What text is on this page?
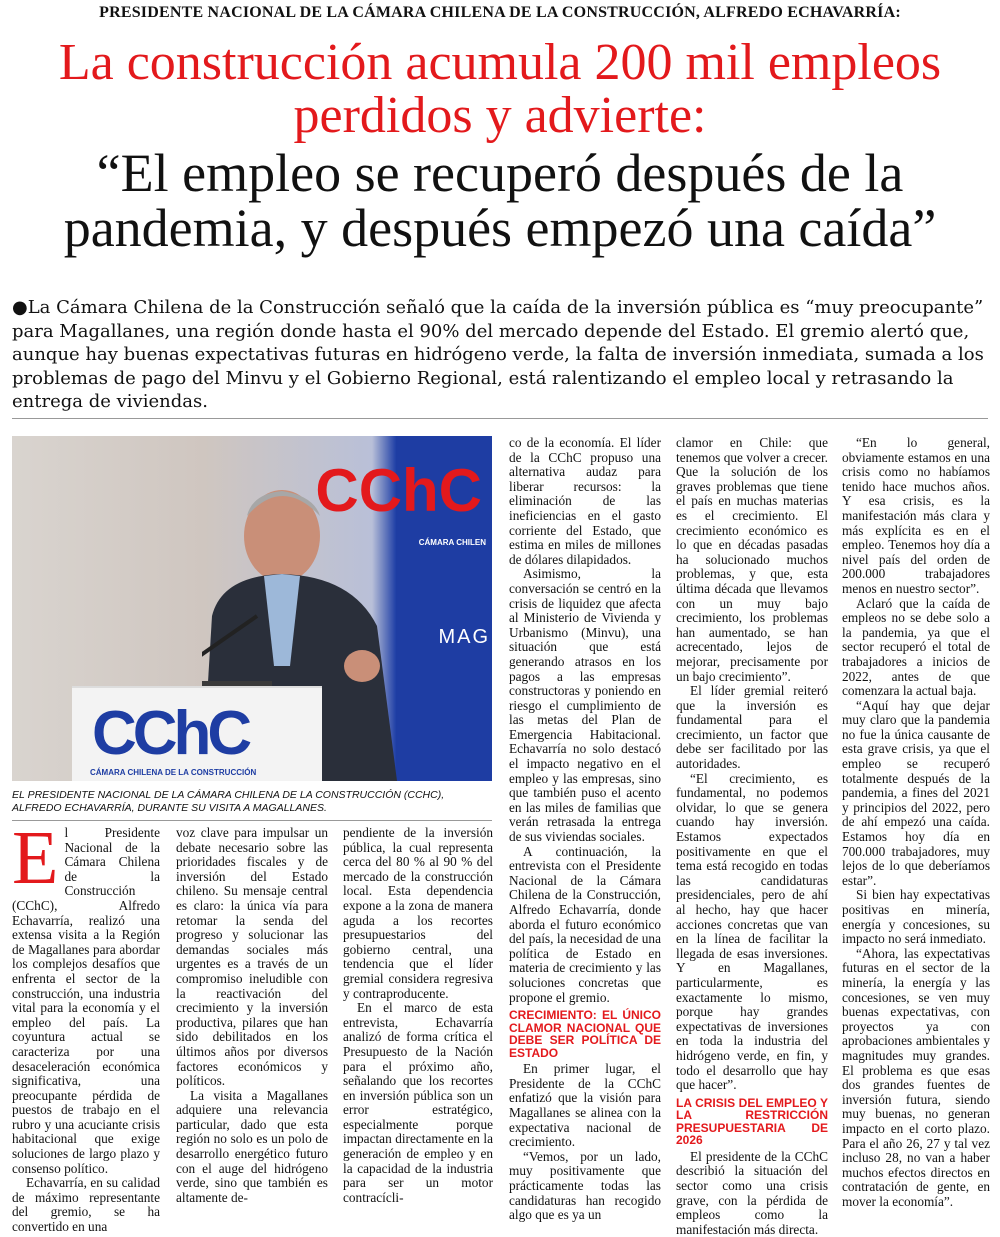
PRESIDENTE NACIONAL DE LA CÁMARA CHILENA DE LA CONSTRUCCIÓN, ALFREDO ECHAVARRÍA:
La construcción acumula 200 mil empleos perdidos y advierte:
“El empleo se recuperó después de la pandemia, y después empezó una caída”
●La Cámara Chilena de la Construcción señaló que la caída de la inversión pública es “muy preocupante” para Magallanes, una región donde hasta el 90% del mercado depende del Estado. El gremio alertó que, aunque hay buenas expectativas futuras en hidrógeno verde, la falta de inversión inmediata, sumada a los problemas de pago del Minvu y el Gobierno Regional, está ralentizando el empleo local y retrasando la entrega de viviendas.
CChC
CÁMARA CHILEN
MAG
CChC
CÁMARA CHILENA DE LA CONSTRUCCIÓN
EL PRESIDENTE NACIONAL DE LA CÁMARA CHILENA DE LA CONSTRUCCIÓN (CCHC), ALFREDO ECHAVARRÍA, DURANTE SU VISITA A MAGALLANES.

El Presidente Nacional de la Cámara Chilena de la Construcción (CChC), Alfredo Echavarría, realizó una extensa visita a la Región de Magallanes para abordar los complejos desafíos que enfrenta el sector de la construcción, una industria vital para la economía y el empleo del país. La coyuntura actual se caracteriza por una desaceleración económica significativa, una preocupante pérdida de puestos de trabajo en el rubro y una acuciante crisis habitacional que exige soluciones de largo plazo y consenso político.

Echavarría, en su calidad de máximo representante del gremio, se ha convertido en una

voz clave para impulsar un debate necesario sobre las prioridades fiscales y de inversión del Estado chileno. Su mensaje central es claro: la única vía para retomar la senda del progreso y solucionar las demandas sociales más urgentes es a través de un compromiso ineludible con la reactivación del crecimiento y la inversión productiva, pilares que han sido debilitados en los últimos años por diversos factores económicos y políticos.

La visita a Magallanes adquiere una relevancia particular, dado que esta región no solo es un polo de desarrollo energético futuro con el auge del hidrógeno verde, sino que también es altamente de-

pendiente de la inversión pública, la cual representa cerca del 80 % al 90 % del mercado de la construcción local. Esta dependencia expone a la zona de manera aguda a los recortes presupuestarios del gobierno central, una tendencia que el líder gremial considera regresiva y contraproducente.

En el marco de esta entrevista, Echavarría analizó de forma crítica el Presupuesto de la Nación para el próximo año, señalando que los recortes en inversión pública son un error estratégico, especialmente porque impactan directamente en la generación de empleo y en la capacidad de la industria para ser un motor contracícli-

co de la economía. El líder de la CChC propuso una alternativa audaz para liberar recursos: la eliminación de las ineficiencias en el gasto corriente del Estado, que estima en miles de millones de dólares dilapidados.

Asimismo, la conversación se centró en la crisis de liquidez que afecta al Ministerio de Vivienda y Urbanismo (Minvu), una situación que está generando atrasos en los pagos a las empresas constructoras y poniendo en riesgo el cumplimiento de las metas del Plan de Emergencia Habitacional. Echavarría no solo destacó el impacto negativo en el empleo y las empresas, sino que también puso el acento en las miles de familias que verán retrasada la entrega de sus viviendas sociales.

A continuación, la entrevista con el Presidente Nacional de la Cámara Chilena de la Construcción, Alfredo Echavarría, donde aborda el futuro económico del país, la necesidad de una política de Estado en materia de crecimiento y las soluciones concretas que propone el gremio.

CRECIMIENTO: EL ÚNICO CLAMOR NACIONAL QUE DEBE SER POLÍTICA DE ESTADO

En primer lugar, el Presidente de la CChC enfatizó que la visión para Magallanes se alinea con la expectativa nacional de crecimiento.

“Vemos, por un lado, muy positivamente que prácticamente todas las candidaturas han recogido algo que es ya un

clamor en Chile: que tenemos que volver a crecer. Que la solución de los graves problemas que tiene el país en muchas materias es el crecimiento. El crecimiento económico es lo que en décadas pasadas ha solucionado muchos problemas, y que, esta última década que llevamos con un muy bajo crecimiento, los problemas han aumentado, se han acrecentado, lejos de mejorar, precisamente por un bajo crecimiento”.

El líder gremial reiteró que la inversión es fundamental para el crecimiento, un factor que debe ser facilitado por las autoridades.

“El crecimiento, es fundamental, no podemos olvidar, lo que se genera cuando hay inversión. Estamos expectados positivamente en que el tema está recogido en todas las candidaturas presidenciales, pero de ahí al hecho, hay que hacer acciones concretas que van en la línea de facilitar la llegada de esas inversiones. Y en Magallanes, particularmente, es exactamente lo mismo, porque hay grandes expectativas de inversiones en toda la industria del hidrógeno verde, en fin, y todo el desarrollo que hay que hacer”.

LA CRISIS DEL EMPLEO Y LA RESTRICCIÓN PRESUPUESTARIA DE 2026

El presidente de la CChC describió la situación del sector como una crisis grave, con la pérdida de empleos como la manifestación más directa.

“En lo general, obviamente estamos en una crisis como no habíamos tenido hace muchos años. Y esa crisis, es la manifestación más clara y más explícita es en el empleo. Tenemos hoy día a nivel país del orden de 200.000 trabajadores menos en nuestro sector”.

Aclaró que la caída de empleos no se debe solo a la pandemia, ya que el sector recuperó el total de trabajadores a inicios de 2022, antes de que comenzara la actual baja.

“Aquí hay que dejar muy claro que la pandemia no fue la única causante de esta grave crisis, ya que el empleo se recuperó totalmente después de la pandemia, a fines del 2021 y principios del 2022, pero de ahí empezó una caída. Estamos hoy día en 700.000 trabajadores, muy lejos de lo que deberíamos estar”.

Si bien hay expectativas positivas en minería, energía y concesiones, su impacto no será inmediato.

“Ahora, las expectativas futuras en el sector de la minería, la energía y las concesiones, se ven muy buenas expectativas, con proyectos ya con aprobaciones ambientales y magnitudes muy grandes. El problema es que esas dos grandes fuentes de inversión futura, siendo muy buenas, no generan impacto en el corto plazo. Para el año 26, 27 y tal vez incluso 28, no van a haber muchos efectos directos en contratación de gente, en mover la economía”.
